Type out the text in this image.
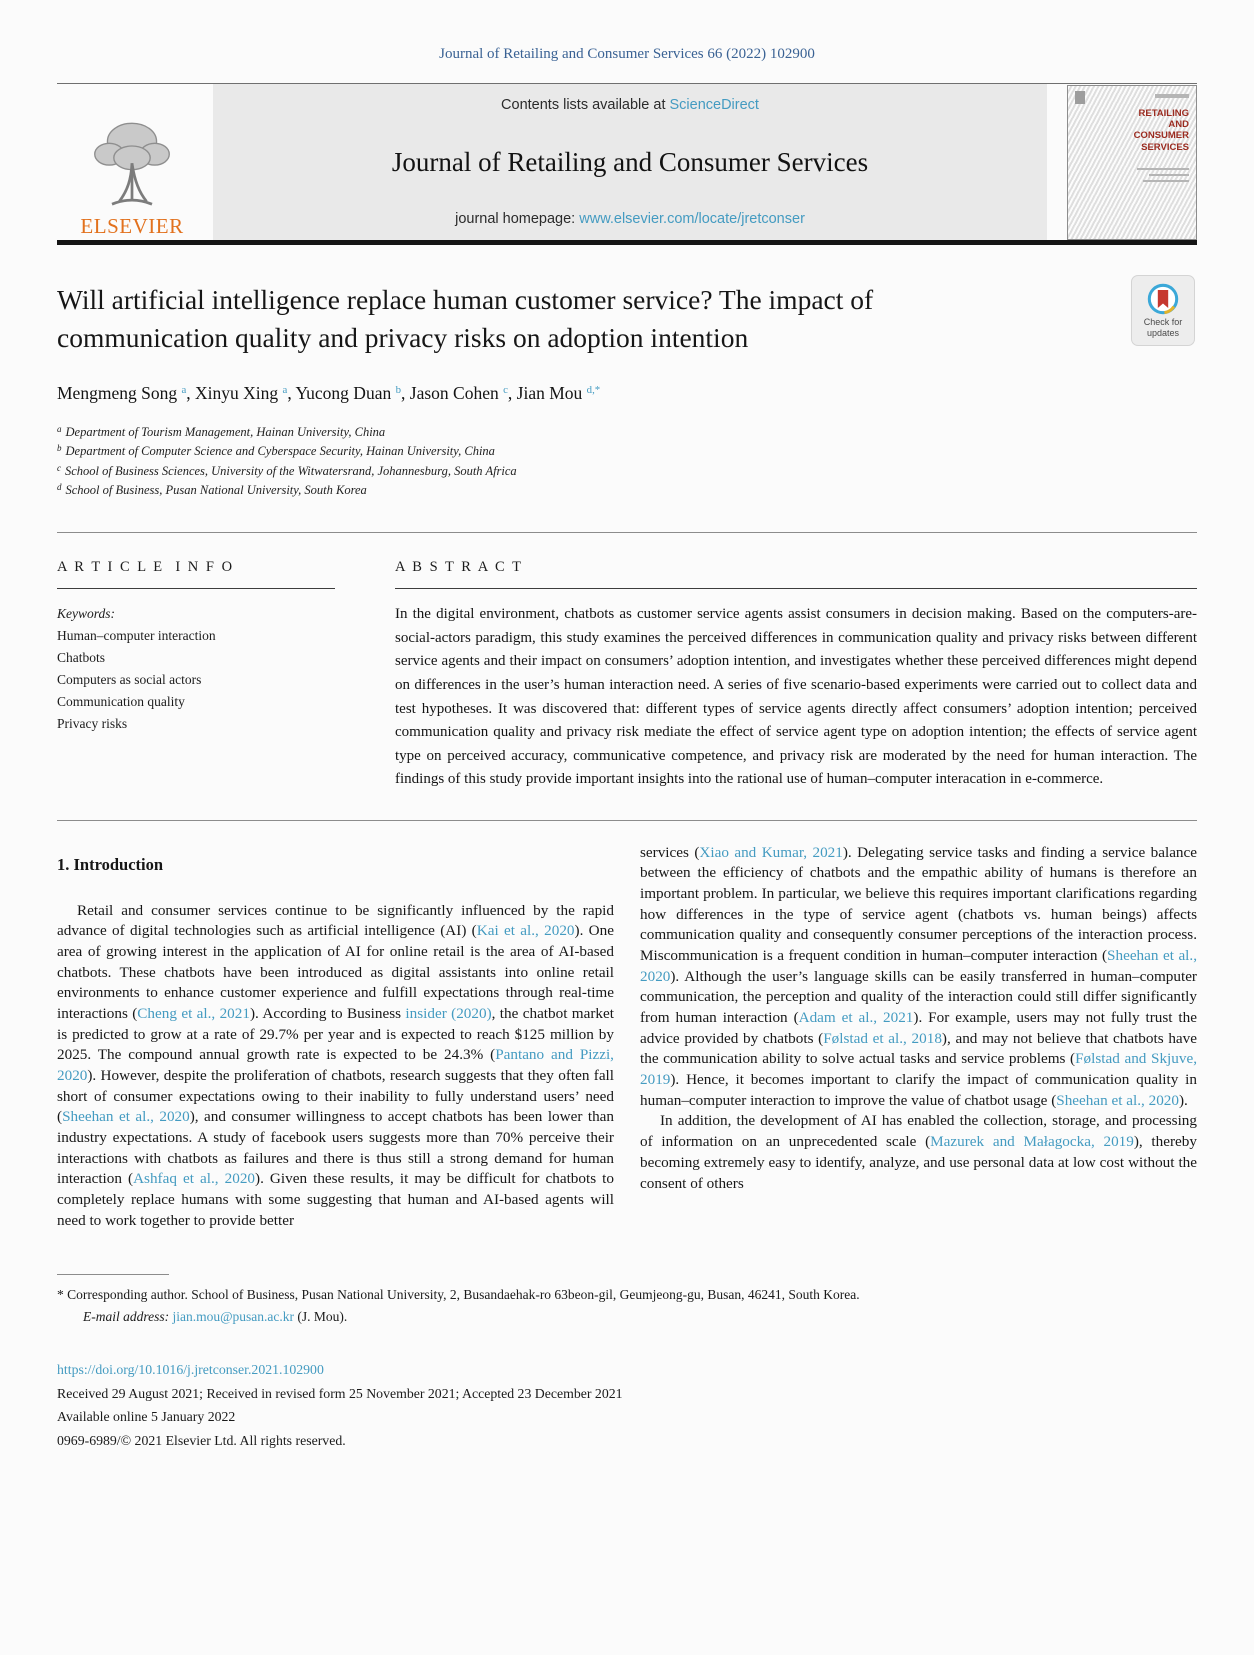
Journal of Retailing and Consumer Services 66 (2022) 102900
ELSEVIER
Contents lists available at ScienceDirect
Journal of Retailing and Consumer Services
journal homepage: www.elsevier.com/locate/jretconser
RETAILING
AND
CONSUMER
SERVICES
Will artificial intelligence replace human customer service? The impact of communication quality and privacy risks on adoption intention	Check for updates
Mengmeng Song $^a$, Xinyu Xing $^a$, Yucong Duan $^b$, Jason Cohen $^c$, Jian Mou $^{d,*}$
$^a$ Department of Tourism Management, Hainan University, China
$^b$ Department of Computer Science and Cyberspace Security, Hainan University, China
$^c$ School of Business Sciences, University of the Witwatersrand, Johannesburg, South Africa
$^d$ School of Business, Pusan National University, South Korea
A R T I C L E  I N F O
Keywords:
Human–computer interaction
Chatbots
Computers as social actors
Communication quality
Privacy risks
A B S T R A C T
In the digital environment, chatbots as customer service agents assist consumers in decision making. Based on the computers-are-social-actors paradigm, this study examines the perceived differences in communication quality and privacy risks between different service agents and their impact on consumers’ adoption intention, and investigates whether these perceived differences might depend on differences in the user’s human interaction need. A series of five scenario-based experiments were carried out to collect data and test hypotheses. It was discovered that: different types of service agents directly affect consumers’ adoption intention; perceived communication quality and privacy risk mediate the effect of service agent type on adoption intention; the effects of service agent type on perceived accuracy, communicative competence, and privacy risk are moderated by the need for human interaction. The findings of this study provide important insights into the rational use of human–computer interacation in e-commerce.
1. Introduction

Retail and consumer services continue to be significantly influenced by the rapid advance of digital technologies such as artificial intelligence (AI) (Kai et al., 2020). One area of growing interest in the application of AI for online retail is the area of AI-based chatbots. These chatbots have been introduced as digital assistants into online retail environments to enhance customer experience and fulfill expectations through real-time interactions (Cheng et al., 2021). According to Business insider (2020), the chatbot market is predicted to grow at a rate of 29.7% per year and is expected to reach $125 million by 2025. The compound annual growth rate is expected to be 24.3% (Pantano and Pizzi, 2020). However, despite the proliferation of chatbots, research suggests that they often fall short of consumer expectations owing to their inability to fully understand users’ need (Sheehan et al., 2020), and consumer willingness to accept chatbots has been lower than industry expectations. A study of facebook users suggests more than 70% perceive their interactions with chatbots as failures and there is thus still a strong demand for human interaction (Ashfaq et al., 2020). Given these results, it may be difficult for chatbots to completely replace humans with some suggesting that human and AI-based agents will need to work together to provide better

services (Xiao and Kumar, 2021). Delegating service tasks and finding a service balance between the efficiency of chatbots and the empathic ability of humans is therefore an important problem. In particular, we believe this requires important clarifications regarding how differences in the type of service agent (chatbots vs. human beings) affects communication quality and consequently consumer perceptions of the interaction process. Miscommunication is a frequent condition in human–computer interaction (Sheehan et al., 2020). Although the user’s language skills can be easily transferred in human–computer communication, the perception and quality of the interaction could still differ significantly from human interaction (Adam et al., 2021). For example, users may not fully trust the advice provided by chatbots (Følstad et al., 2018), and may not believe that chatbots have the communication ability to solve actual tasks and service problems (Følstad and Skjuve, 2019). Hence, it becomes important to clarify the impact of communication quality in human–computer interaction to improve the value of chatbot usage (Sheehan et al., 2020).

In addition, the development of AI has enabled the collection, storage, and processing of information on an unprecedented scale (Mazurek and Małagocka, 2019), thereby becoming extremely easy to identify, analyze, and use personal data at low cost without the consent of others

* Corresponding author. School of Business, Pusan National University, 2, Busandaehak-ro 63beon-gil, Geumjeong-gu, Busan, 46241, South Korea.
E-mail address: jian.mou@pusan.ac.kr (J. Mou).
https://doi.org/10.1016/j.jretconser.2021.102900
Received 29 August 2021; Received in revised form 25 November 2021; Accepted 23 December 2021
Available online 5 January 2022
0969-6989/© 2021 Elsevier Ltd. All rights reserved.
